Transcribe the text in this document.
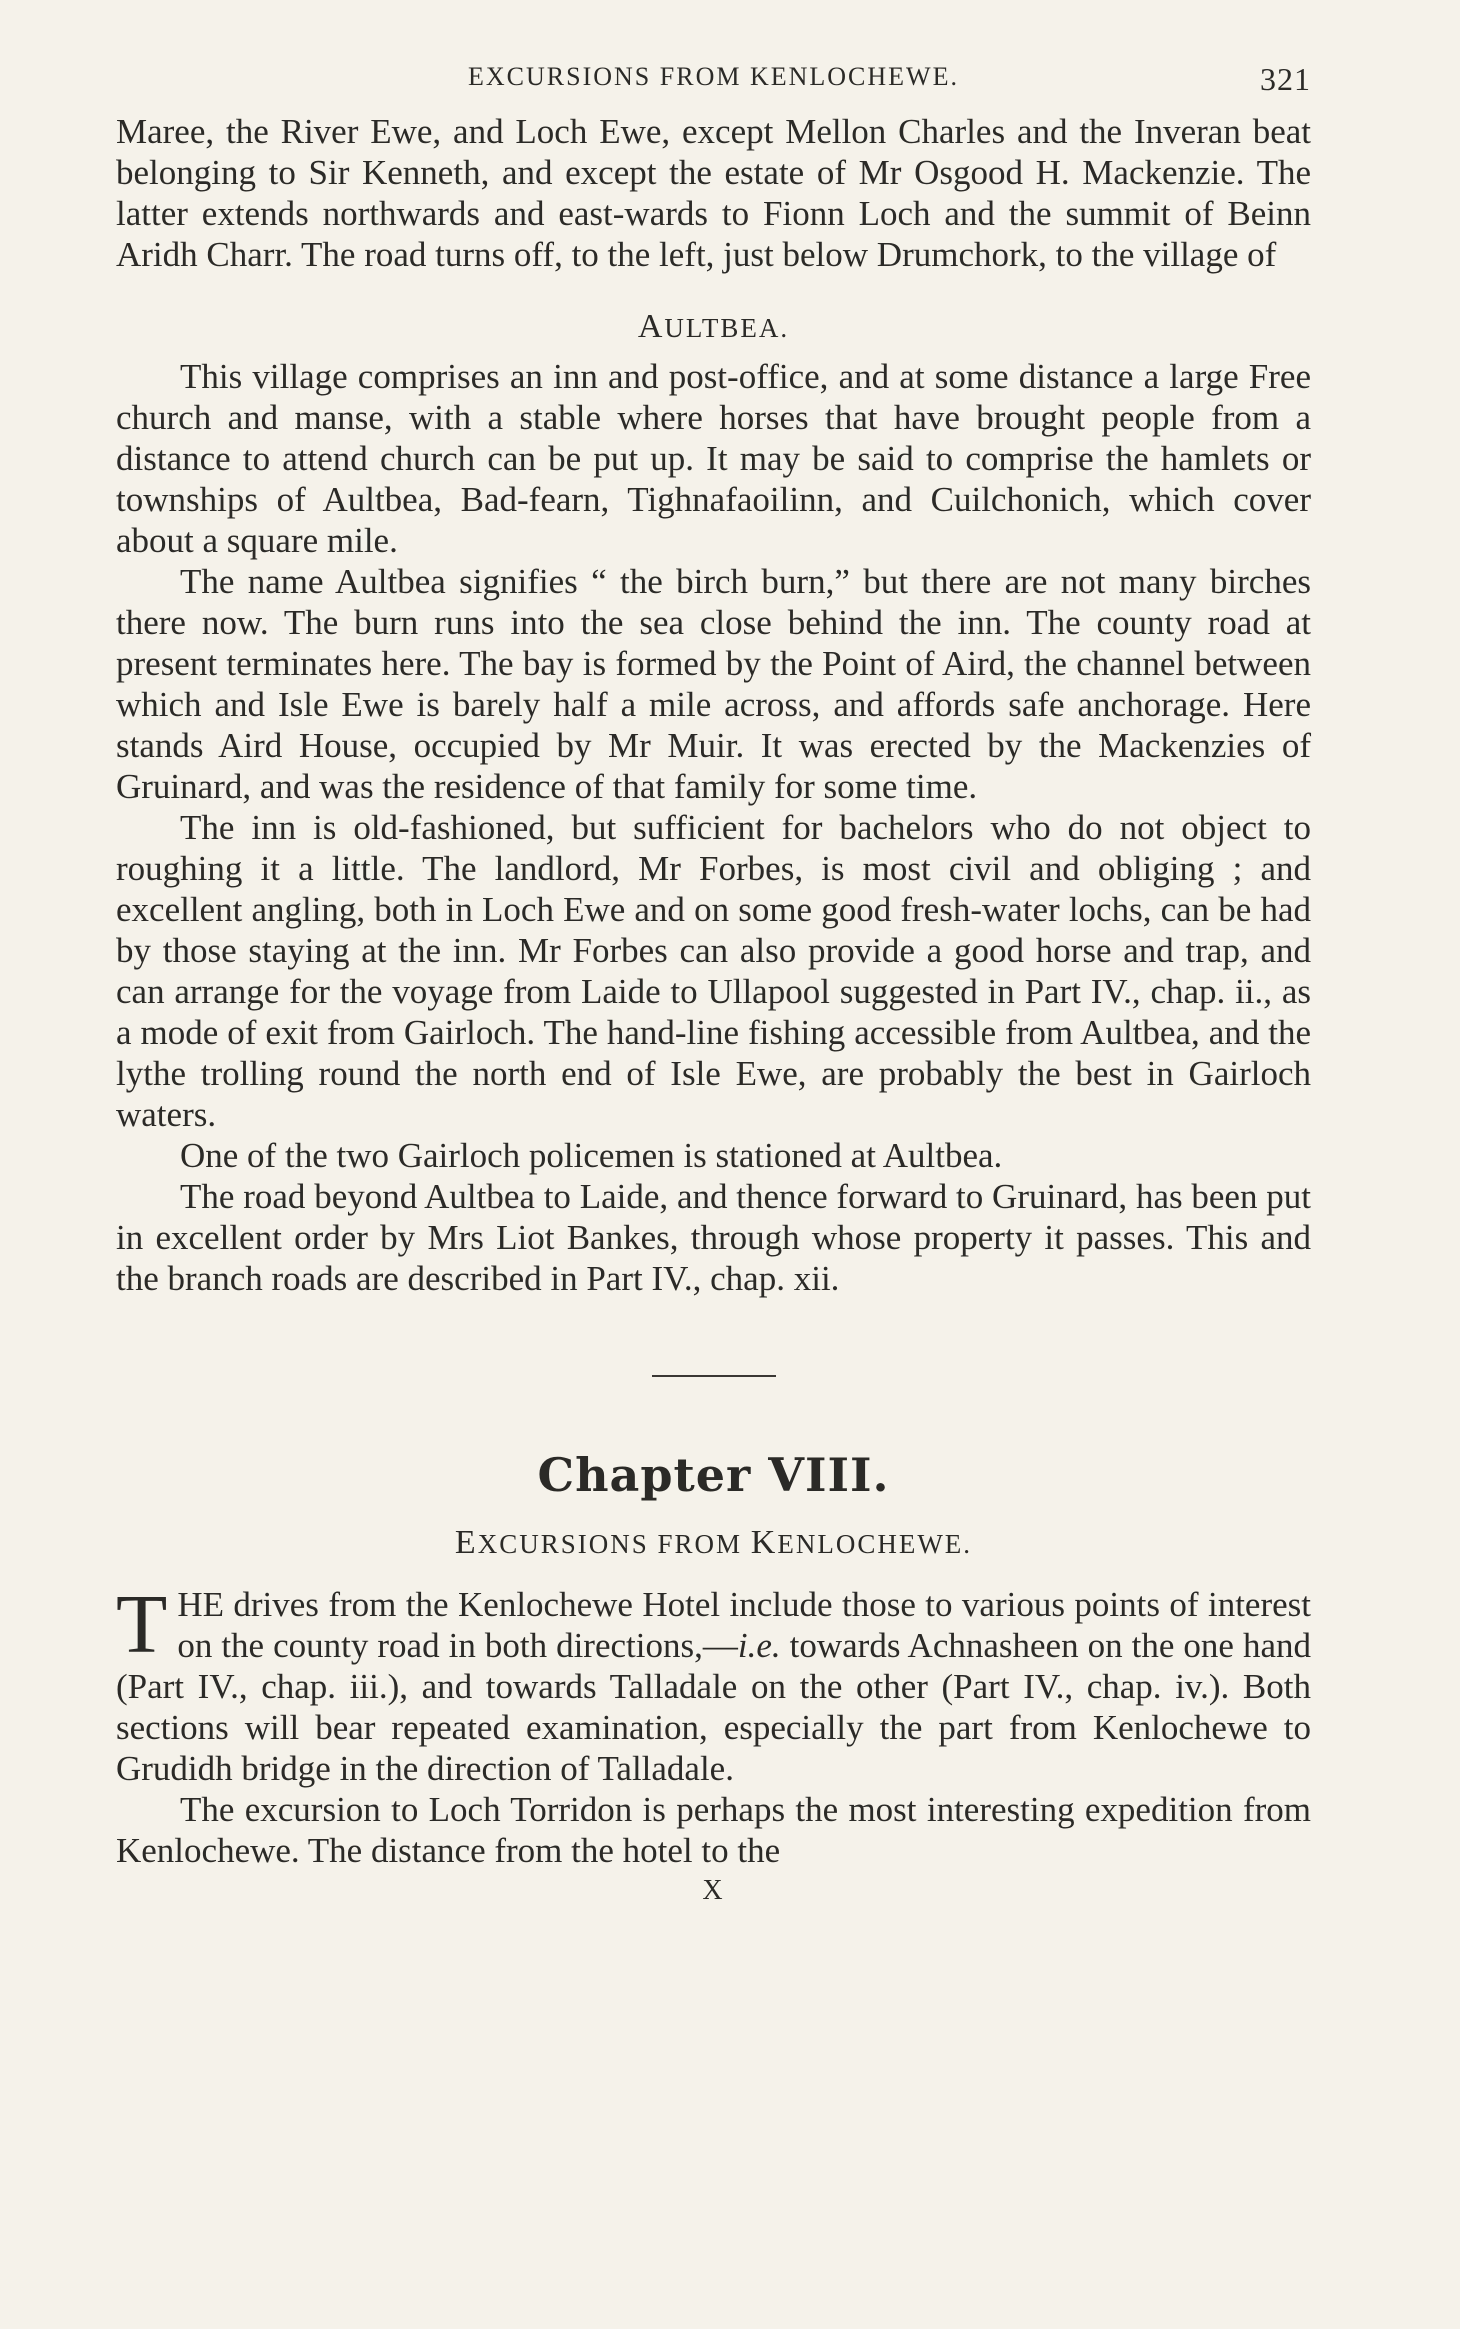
EXCURSIONS FROM KENLOCHEWE.	321

Maree, the River Ewe, and Loch Ewe, except Mellon Charles and the Inveran beat belonging to Sir Kenneth, and except the estate of Mr Osgood H. Mackenzie. The latter extends northwards and east-wards to Fionn Loch and the summit of Beinn Aridh Charr. The road turns off, to the left, just below Drumchork, to the village of

AULTBEA.

This village comprises an inn and post-office, and at some distance a large Free church and manse, with a stable where horses that have brought people from a distance to attend church can be put up. It may be said to comprise the hamlets or townships of Aultbea, Bad-fearn, Tighnafaoilinn, and Cuilchonich, which cover about a square mile.

The name Aultbea signifies “ the birch burn,” but there are not many birches there now. The burn runs into the sea close behind the inn. The county road at present terminates here. The bay is formed by the Point of Aird, the channel between which and Isle Ewe is barely half a mile across, and affords safe anchorage. Here stands Aird House, occupied by Mr Muir. It was erected by the Mackenzies of Gruinard, and was the residence of that family for some time.

The inn is old-fashioned, but sufficient for bachelors who do not object to roughing it a little. The landlord, Mr Forbes, is most civil and obliging ; and excellent angling, both in Loch Ewe and on some good fresh-water lochs, can be had by those staying at the inn. Mr Forbes can also provide a good horse and trap, and can arrange for the voyage from Laide to Ullapool suggested in Part IV., chap. ii., as a mode of exit from Gairloch. The hand-line fishing accessible from Aultbea, and the lythe trolling round the north end of Isle Ewe, are probably the best in Gairloch waters.

One of the two Gairloch policemen is stationed at Aultbea.

The road beyond Aultbea to Laide, and thence forward to Gruinard, has been put in excellent order by Mrs Liot Bankes, through whose property it passes. This and the branch roads are described in Part IV., chap. xii.

Chapter VIII.
EXCURSIONS FROM KENLOCHEWE.

THE drives from the Kenlochewe Hotel include those to various points of interest on the county road in both directions,—i.e. towards Achnasheen on the one hand (Part IV., chap. iii.), and towards Talladale on the other (Part IV., chap. iv.). Both sections will bear repeated examination, especially the part from Kenlochewe to Grudidh bridge in the direction of Talladale.

The excursion to Loch Torridon is perhaps the most interesting expedition from Kenlochewe. The distance from the hotel to the

X
